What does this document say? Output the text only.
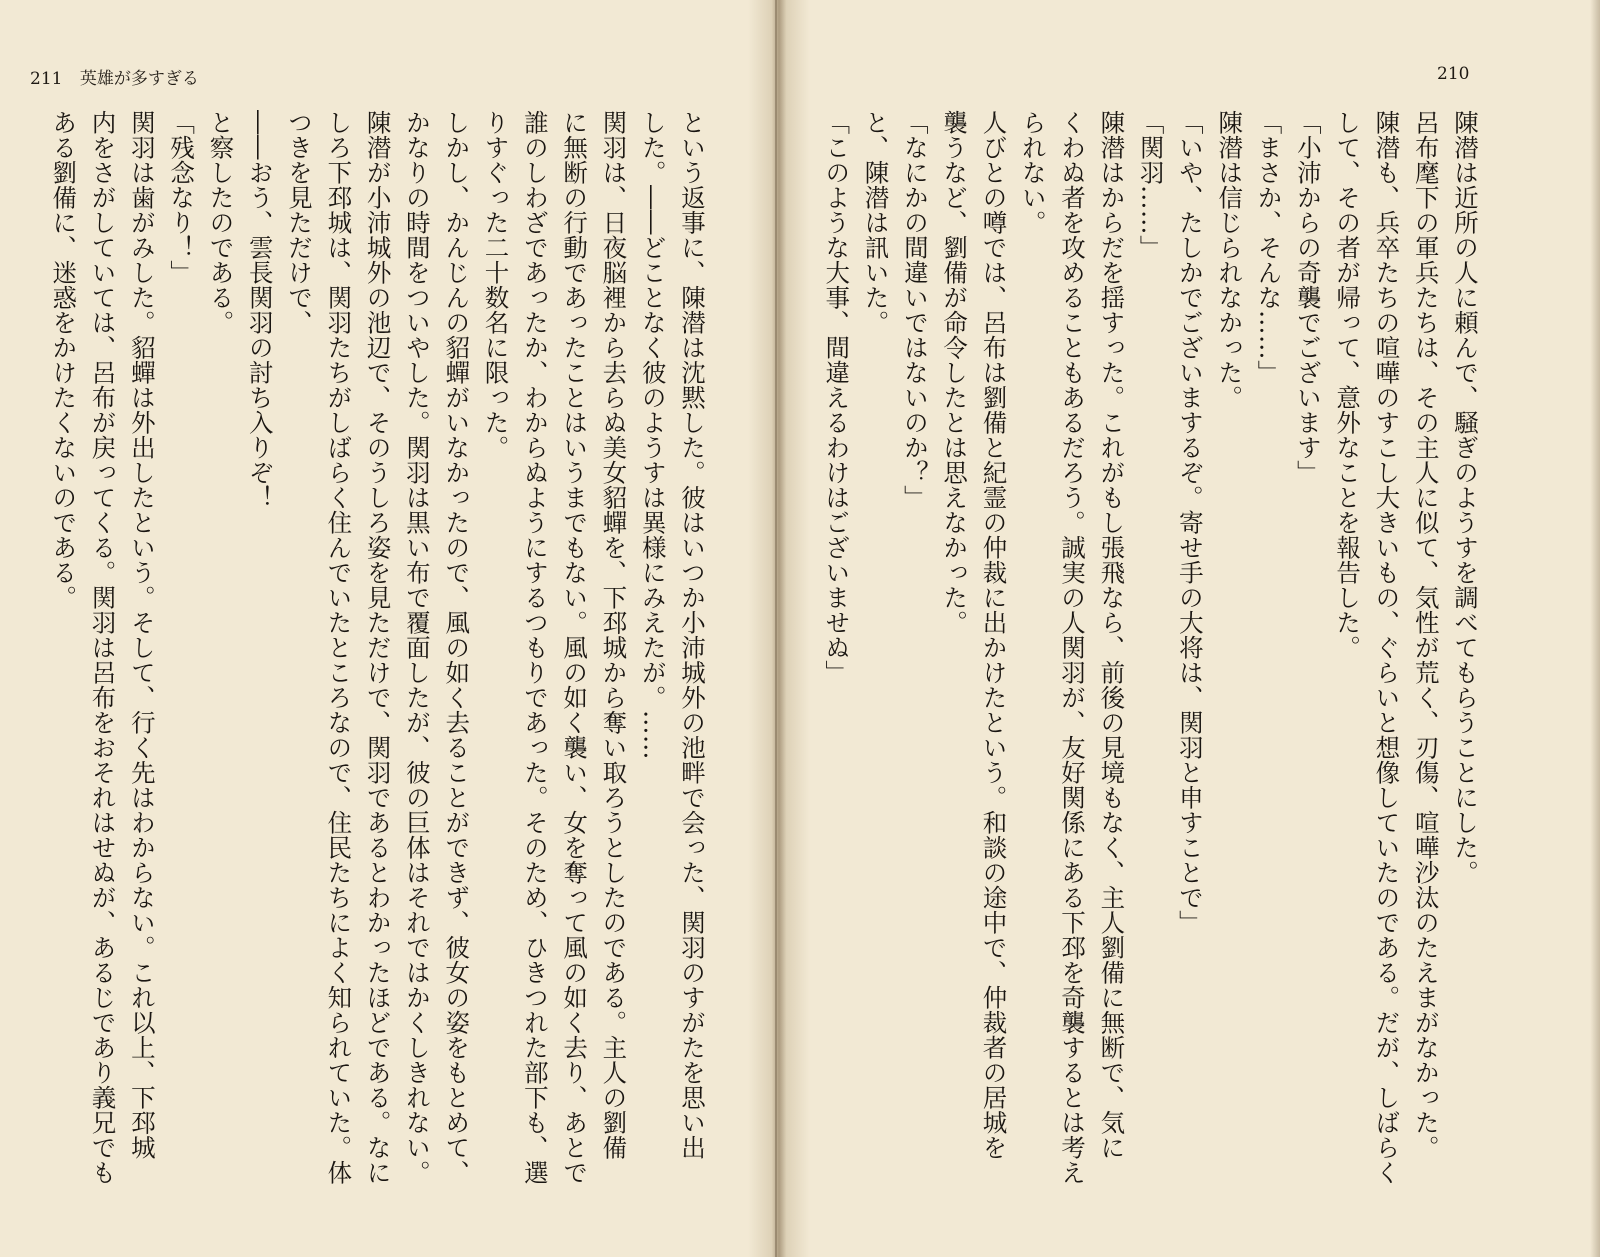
211 英雄が多すぎる	210
という返事に、陳潜は沈黙した。彼はいつか小沛城外の池畔で会った、関羽のすがたを思い出
した。――どことなく彼のようすは異様にみえたが。……
関羽は、日夜脳裡から去らぬ美女貂蟬を、下邳城から奪い取ろうとしたのである。主人の劉備
に無断の行動であったことはいうまでもない。風の如く襲い、女を奪って風の如く去り、あとで
誰のしわざであったか、わからぬようにするつもりであった。そのため、ひきつれた部下も、選
りすぐった二十数名に限った。
しかし、かんじんの貂蟬がいなかったので、風の如く去ることができず、彼女の姿をもとめて、
かなりの時間をついやした。関羽は黒い布で覆面したが、彼の巨体はそれではかくしきれない。
陳潜が小沛城外の池辺で、そのうしろ姿を見ただけで、関羽であるとわかったほどである。なに
しろ下邳城は、関羽たちがしばらく住んでいたところなので、住民たちによく知られていた。体
つきを見ただけで、
――おう、雲長関羽の討ち入りぞ！
と察したのである。
「残念なり！」
関羽は歯がみした。貂蟬は外出したという。そして、行く先はわからない。これ以上、下邳城
内をさがしていては、呂布が戻ってくる。関羽は呂布をおそれはせぬが、あるじであり義兄でも
ある劉備に、迷惑をかけたくないのである。	陳潜は近所の人に頼んで、騒ぎのようすを調べてもらうことにした。
呂布麾下の軍兵たちは、その主人に似て、気性が荒く、刃傷、喧嘩沙汰のたえまがなかった。
陳潜も、兵卒たちの喧嘩のすこし大きいもの、ぐらいと想像していたのである。だが、しばらく
して、その者が帰って、意外なことを報告した。
「小沛からの奇襲でございます」
「まさか、そんな……」
陳潜は信じられなかった。
「いや、たしかでございまするぞ。寄せ手の大将は、関羽と申すことで」
「関羽……」
陳潜はからだを揺すった。これがもし張飛なら、前後の見境もなく、主人劉備に無断で、気に
くわぬ者を攻めることもあるだろう。誠実の人関羽が、友好関係にある下邳を奇襲するとは考え
られない。
人びとの噂では、呂布は劉備と紀霊の仲裁に出かけたという。和談の途中で、仲裁者の居城を
襲うなど、劉備が命令したとは思えなかった。
「なにかの間違いではないのか？」
と、陳潜は訊いた。
「このような大事、間違えるわけはございませぬ」
